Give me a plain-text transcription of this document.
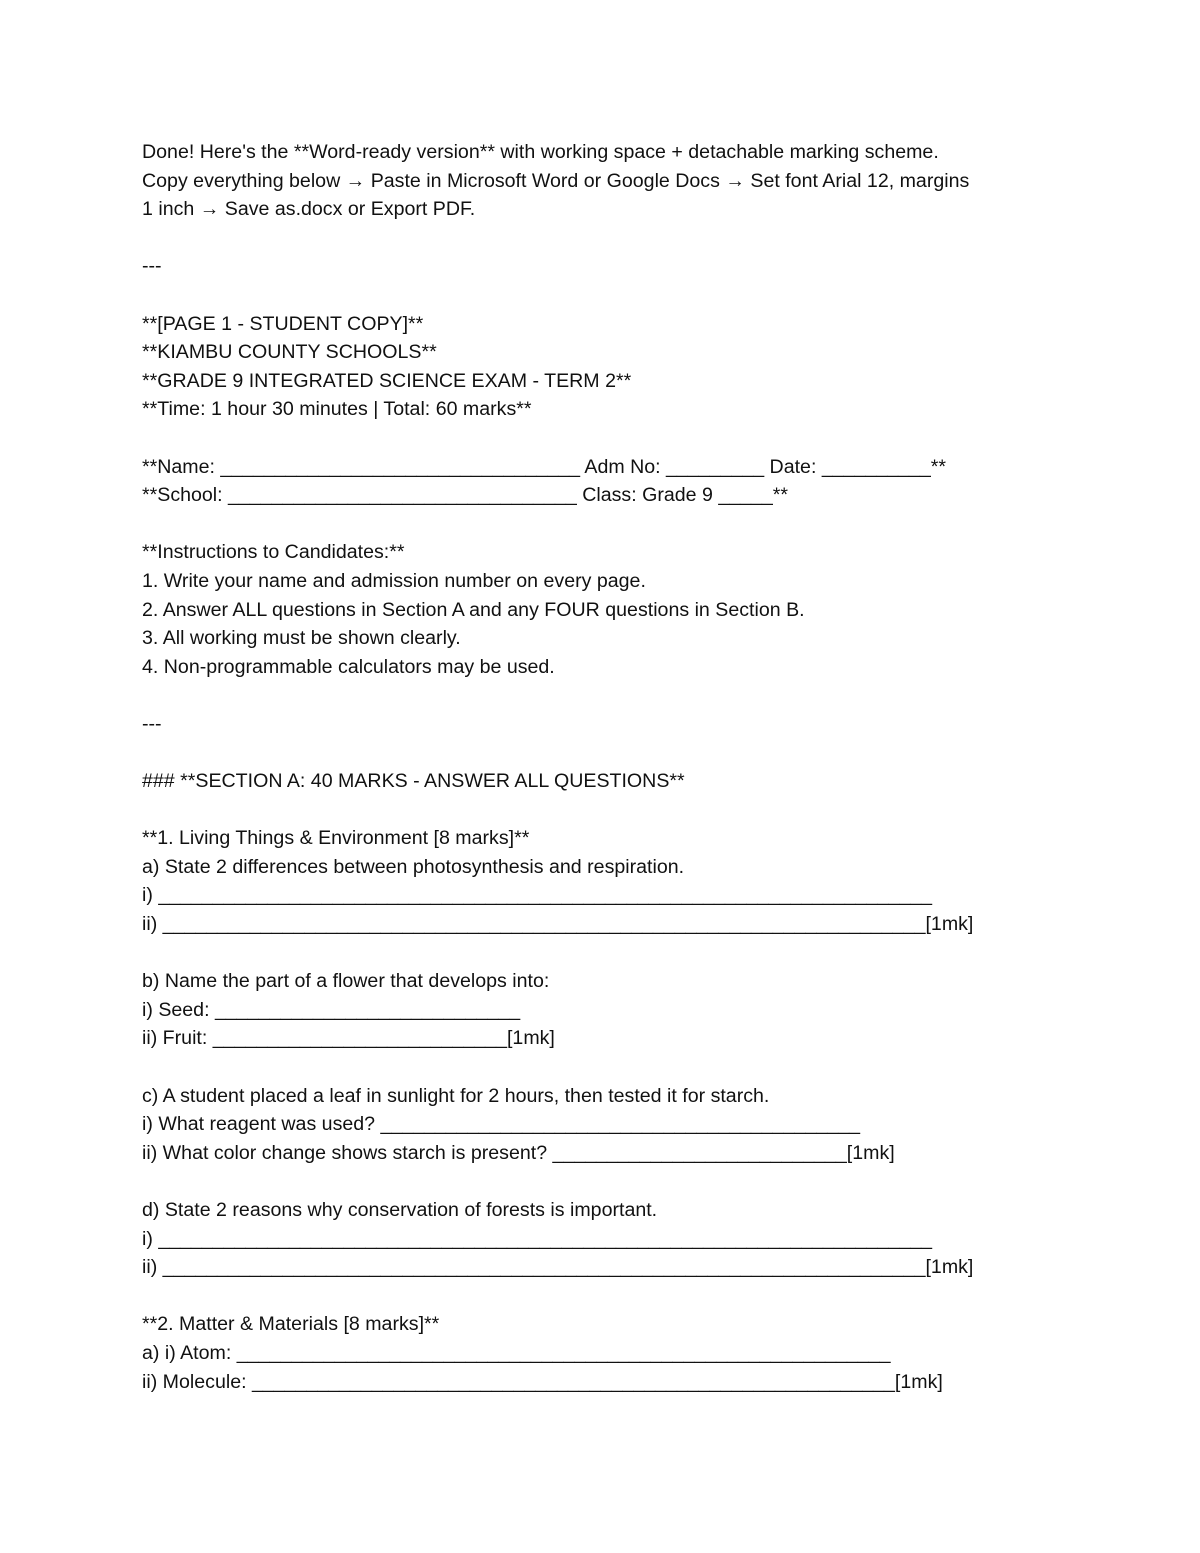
Done! Here's the **Word-ready version** with working space + detachable marking scheme.
Copy everything below → Paste in Microsoft Word or Google Docs → Set font Arial 12, margins
1 inch → Save as.docx or Export PDF.
---
**[PAGE 1 - STUDENT COPY]**
**KIAMBU COUNTY SCHOOLS**
**GRADE 9 INTEGRATED SCIENCE EXAM - TERM 2**
**Time: 1 hour 30 minutes | Total: 60 marks**
**Name: _________________________________ Adm No: _________ Date: __________**
**School: ________________________________ Class: Grade 9 _____**
**Instructions to Candidates:**
1. Write your name and admission number on every page.
2. Answer ALL questions in Section A and any FOUR questions in Section B.
3. All working must be shown clearly.
4. Non-programmable calculators may be used.
---
### **SECTION A: 40 MARKS - ANSWER ALL QUESTIONS**
**1. Living Things & Environment [8 marks]**
a) State 2 differences between photosynthesis and respiration.
i) _______________________________________________________________________
ii) ______________________________________________________________________[1mk]
b) Name the part of a flower that develops into:
i) Seed: ____________________________
ii) Fruit: ___________________________[1mk]
c) A student placed a leaf in sunlight for 2 hours, then tested it for starch.
i) What reagent was used? ____________________________________________
ii) What color change shows starch is present? ___________________________[1mk]
d) State 2 reasons why conservation of forests is important.
i) _______________________________________________________________________
ii) ______________________________________________________________________[1mk]
**2. Matter & Materials [8 marks]**
a) i) Atom: ____________________________________________________________
ii) Molecule: ___________________________________________________________[1mk]
